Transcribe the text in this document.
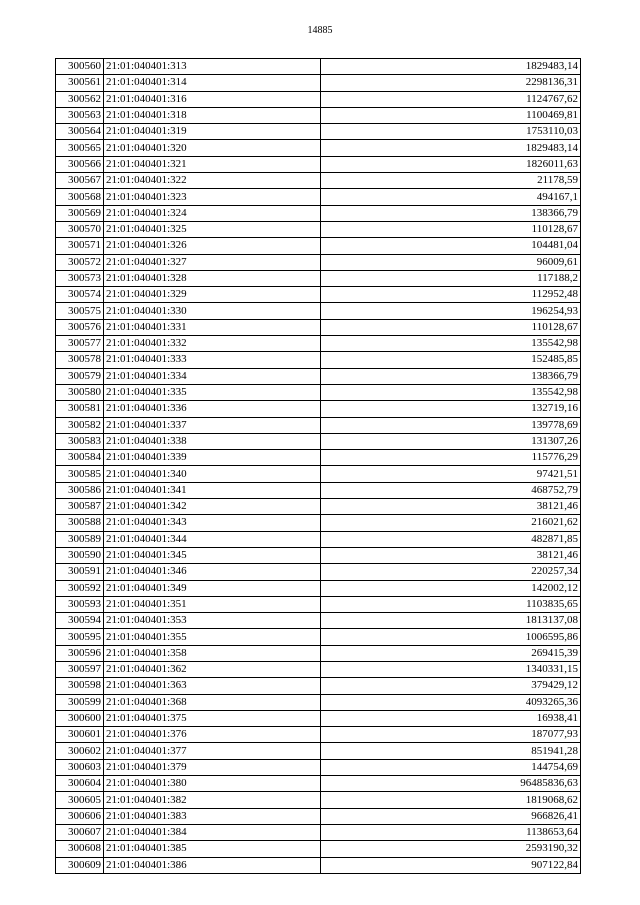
14885
300560	21:01:040401:313	1829483,14
300561	21:01:040401:314	2298136,31
300562	21:01:040401:316	1124767,62
300563	21:01:040401:318	1100469,81
300564	21:01:040401:319	1753110,03
300565	21:01:040401:320	1829483,14
300566	21:01:040401:321	1826011,63
300567	21:01:040401:322	21178,59
300568	21:01:040401:323	494167,1
300569	21:01:040401:324	138366,79
300570	21:01:040401:325	110128,67
300571	21:01:040401:326	104481,04
300572	21:01:040401:327	96009,61
300573	21:01:040401:328	117188,2
300574	21:01:040401:329	112952,48
300575	21:01:040401:330	196254,93
300576	21:01:040401:331	110128,67
300577	21:01:040401:332	135542,98
300578	21:01:040401:333	152485,85
300579	21:01:040401:334	138366,79
300580	21:01:040401:335	135542,98
300581	21:01:040401:336	132719,16
300582	21:01:040401:337	139778,69
300583	21:01:040401:338	131307,26
300584	21:01:040401:339	115776,29
300585	21:01:040401:340	97421,51
300586	21:01:040401:341	468752,79
300587	21:01:040401:342	38121,46
300588	21:01:040401:343	216021,62
300589	21:01:040401:344	482871,85
300590	21:01:040401:345	38121,46
300591	21:01:040401:346	220257,34
300592	21:01:040401:349	142002,12
300593	21:01:040401:351	1103835,65
300594	21:01:040401:353	1813137,08
300595	21:01:040401:355	1006595,86
300596	21:01:040401:358	269415,39
300597	21:01:040401:362	1340331,15
300598	21:01:040401:363	379429,12
300599	21:01:040401:368	4093265,36
300600	21:01:040401:375	16938,41
300601	21:01:040401:376	187077,93
300602	21:01:040401:377	851941,28
300603	21:01:040401:379	144754,69
300604	21:01:040401:380	96485836,63
300605	21:01:040401:382	1819068,62
300606	21:01:040401:383	966826,41
300607	21:01:040401:384	1138653,64
300608	21:01:040401:385	2593190,32
300609	21:01:040401:386	907122,84
